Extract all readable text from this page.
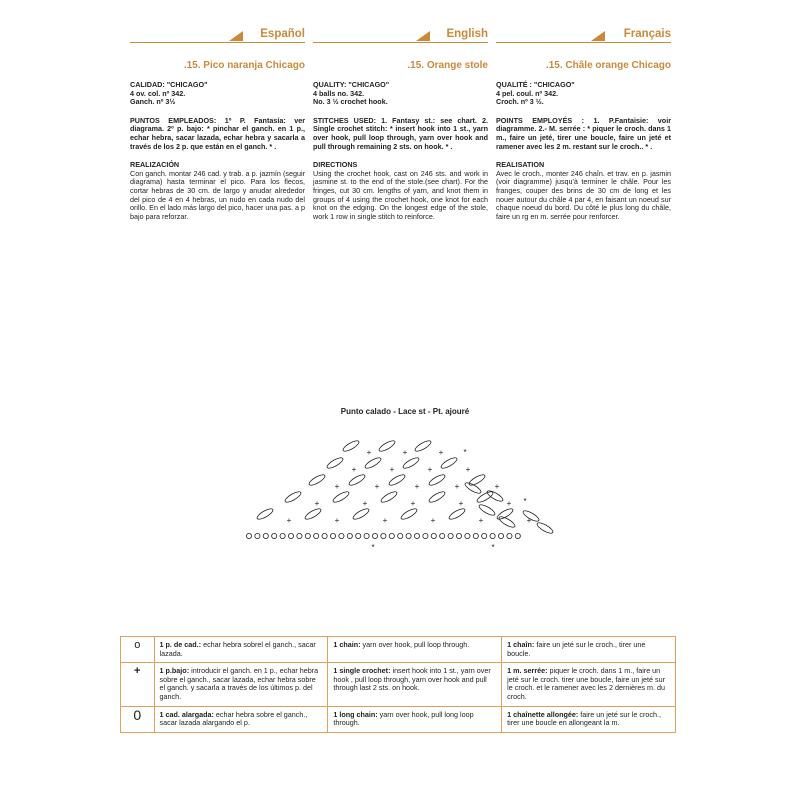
Español
.15. Pico naranja Chicago
CALIDAD: "CHICAGO"
4 ov. col. nº 342.
Ganch. nº 3½
PUNTOS EMPLEADOS: 1º P. Fantasía: ver diagrama. 2º p. bajo: * pinchar el ganch. en 1 p., echar hebra, sacar lazada, echar hebra y sacarla a través de los 2 p. que están en el ganch. * .
REALIZACIÓN
Con ganch. montar 246 cad. y trab. a p. jazmín (seguir diagrama) hasta terminar el pico. Para los flecos, cortar hebras de 30 cm. de largo y anudar alrededor del pico de 4 en 4 hebras, un nudo en cada nudo del orillo. En el lado más largo del pico, hacer una pas. a p bajo para reforzar.
English
.15. Orange stole
QUALITY: "CHICAGO"
4 balls no. 342.
No. 3 ½ crochet hook.
STITCHES USED: 1. Fantasy st.: see chart. 2. Single crochet stitch: * insert hook into 1 st., yarn over hook, pull loop through, yarn over hook and pull through remaining 2 sts. on hook. * .
DIRECTIONS
Using the crochet hook, cast on 246 sts. and work in jasmine st. to the end of the stole.(see chart). For the fringes, cut 30 cm. lengths of yarn, and knot them in groups of 4 using the crochet hook, one knot for each knot on the edging. On the longest edge of the stole, work 1 row in single stitch to reinforce.
Français
.15. Châle orange Chicago
QUALITÉ : "CHICAGO"
4 pel. coul. nº 342.
Croch. nº 3 ½.
POINTS EMPLOYÉS : 1. P.Fantaisie: voir diagramme. 2.- M. serrée : * piquer le croch. dans 1 m., faire un jeté, tirer une boucle, faire un jeté et ramener avec les 2 m. restant sur le croch.. * .
REALISATION
Avec le croch., monter 246 chaîn. et trav. en p. jasmin (voir diagramme) jusqu'à terminer le châle. Pour les franges, couper des brins de 30 cm de long et les nouer autour du châle 4 par 4, en faisant un noeud sur chaque noeud du bord. Du côté le plus long du châle, faire un rg en m. serrée pour renforcer.
Punto calado - Lace st - Pt. ajouré
+	+	+	+	+	+
+	+	+	+	+
+	+	+	+	+
+	+	+	+
+	+	+	*
*
*	*
o	1 p. de cad.: echar hebra sobrel el ganch., sacar lazada.	1 chain: yarn over hook, pull loop through.	1 chaîn: faire un jeté sur le croch., tirer une boucle.
+	1 p.bajo: introducir el ganch. en 1 p., echar hebra sobre el ganch., sacar lazada, echar hebra sobre el ganch. y sacarla a través de los últimos p. del ganch.	1 single crochet: insert hook into 1 st., yarn over hook , pull loop through, yarn over hook and pull through last 2 sts. on hook.	1 m. serrée: piquer le croch. dans 1 m., faire un jeté sur le croch. tirer une boucle, faire un jeté sur le croch. et le ramener avec les 2 dernières m. du croch.
0	1 cad. alargada: echar hebra sobre el ganch., sacar lazada alargando el p.	1 long chain: yarn over hook, pull long loop through.	1 chaînette allongée: faire un jeté sur le croch., tirer une boucle en allongeant la m.
